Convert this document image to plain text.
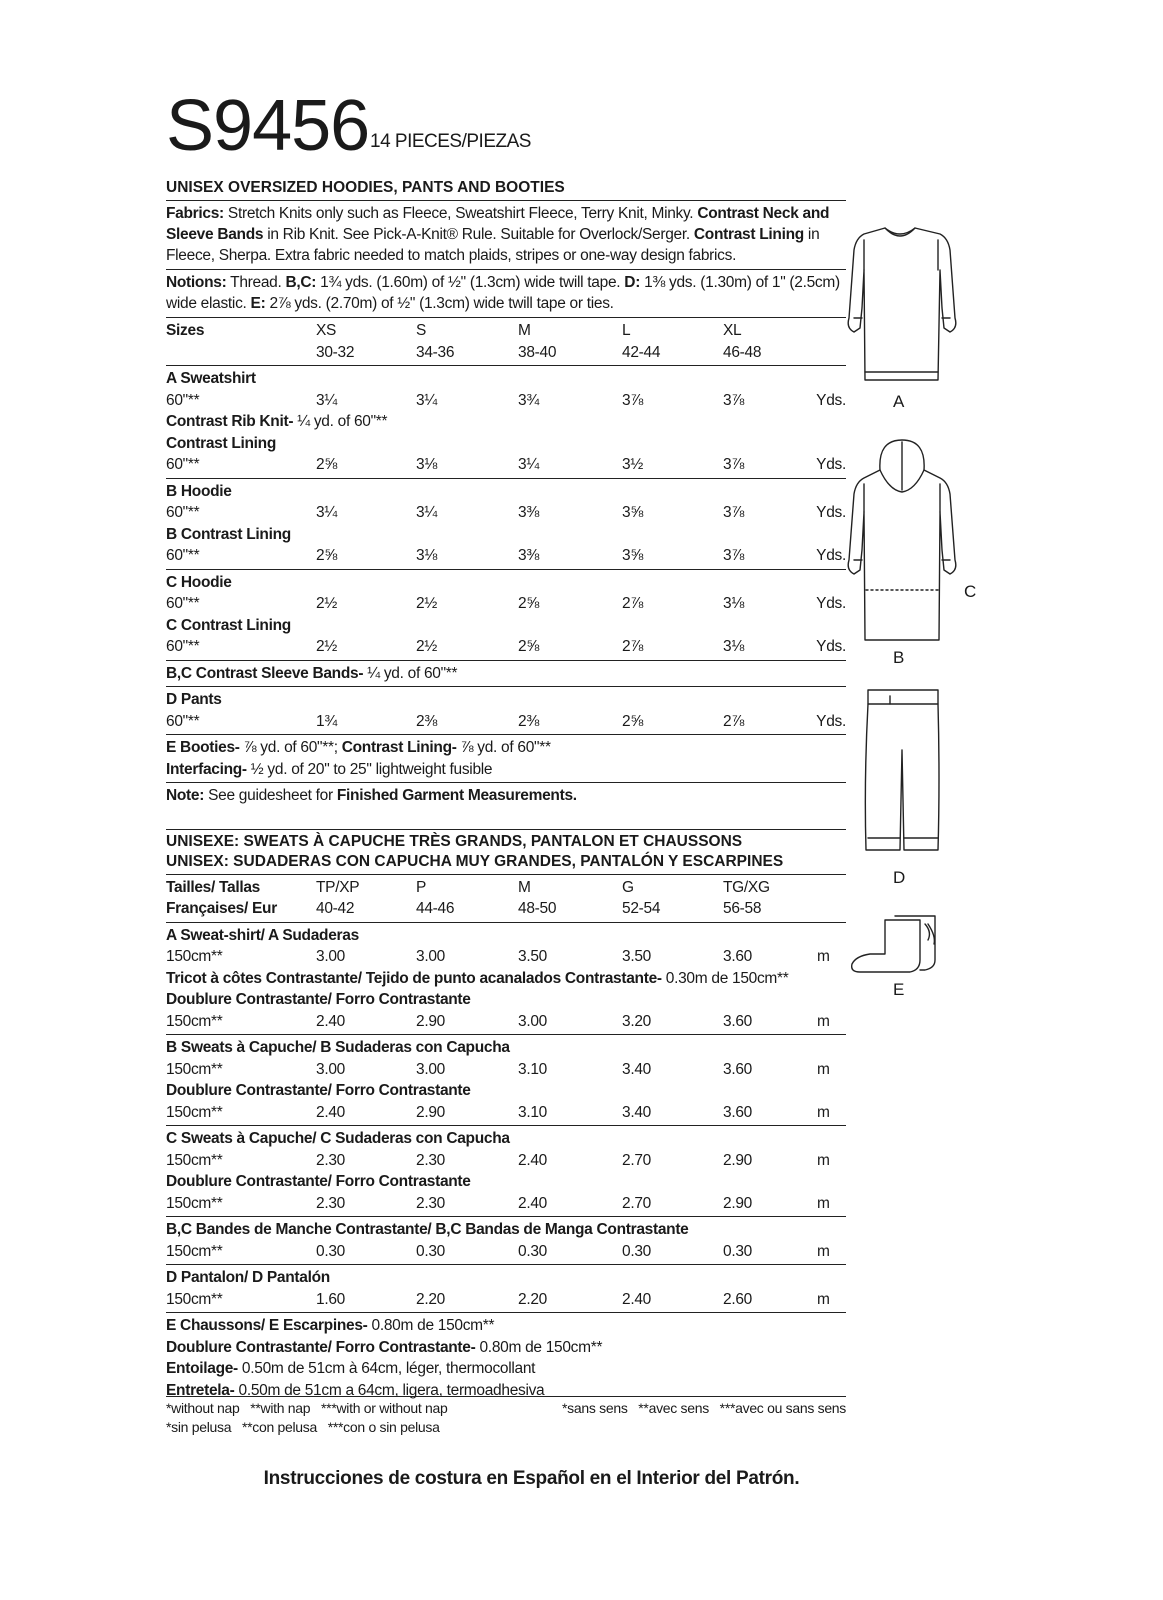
S9456 14 PIECES/PIEZAS
UNISEX OVERSIZED HOODIES, PANTS AND BOOTIES
Fabrics: Stretch Knits only such as Fleece, Sweatshirt Fleece, Terry Knit, Minky. Contrast Neck and Sleeve Bands in Rib Knit. See Pick-A-Knit® Rule. Suitable for Overlock/Serger. Contrast Lining in Fleece, Sherpa. Extra fabric needed to match plaids, stripes or one-way design fabrics.
Notions: Thread. B,C: 1¾ yds. (1.60m) of ½" (1.3cm) wide twill tape. D: 1⅜ yds. (1.30m) of 1" (2.5cm) wide elastic. E: 2⅞ yds. (2.70m) of ½" (1.3cm) wide twill tape or ties.
Sizes	XS	S	M	L	XL
30-32	34-36	38-40	42-44	46-48
A Sweatshirt
60"**	3¼	3¼	3¾	3⅞	3⅞	Yds.
Contrast Rib Knit- ¼ yd. of 60"**
Contrast Lining
60"**	2⅝	3⅛	3¼	3½	3⅞	Yds.
B Hoodie
60"**	3¼	3¼	3⅜	3⅝	3⅞	Yds.
B Contrast Lining
60"**	2⅝	3⅛	3⅜	3⅝	3⅞	Yds.
C Hoodie
60"**	2½	2½	2⅝	2⅞	3⅛	Yds.
C Contrast Lining
60"**	2½	2½	2⅝	2⅞	3⅛	Yds.
B,C Contrast Sleeve Bands- ¼ yd. of 60"**
D Pants
60"**	1¾	2⅜	2⅜	2⅝	2⅞	Yds.
E Booties- ⅞ yd. of 60"**; Contrast Lining- ⅞ yd. of 60"**
Interfacing- ½ yd. of 20" to 25" lightweight fusible
Note: See guidesheet for Finished Garment Measurements.
UNISEXE: SWEATS À CAPUCHE TRÈS GRANDS, PANTALON ET CHAUSSONS
UNISEX: SUDADERAS CON CAPUCHA MUY GRANDES, PANTALÓN Y ESCARPINES
Tailles/ Tallas	TP/XP	P	M	G	TG/XG
Françaises/ Eur	40-42	44-46	48-50	52-54	56-58
A Sweat-shirt/ A Sudaderas
150cm**	3.00	3.00	3.50	3.50	3.60	m
Tricot à côtes Contrastante/ Tejido de punto acanalados Contrastante- 0.30m de 150cm**
Doublure Contrastante/ Forro Contrastante
150cm**	2.40	2.90	3.00	3.20	3.60	m
B Sweats à Capuche/ B Sudaderas con Capucha
150cm**	3.00	3.00	3.10	3.40	3.60	m
Doublure Contrastante/ Forro Contrastante
150cm**	2.40	2.90	3.10	3.40	3.60	m
C Sweats à Capuche/ C Sudaderas con Capucha
150cm**	2.30	2.30	2.40	2.70	2.90	m
Doublure Contrastante/ Forro Contrastante
150cm**	2.30	2.30	2.40	2.70	2.90	m
B,C Bandes de Manche Contrastante/ B,C Bandas de Manga Contrastante
150cm**	0.30	0.30	0.30	0.30	0.30	m
D Pantalon/ D Pantalón
150cm**	1.60	2.20	2.20	2.40	2.60	m
E Chaussons/ E Escarpines- 0.80m de 150cm**
Doublure Contrastante/ Forro Contrastante- 0.80m de 150cm**
Entoilage- 0.50m de 51cm à 64cm, léger, thermocollant
Entretela- 0.50m de 51cm a 64cm, ligera, termoadhesiva
*without nap   **with nap   ***with or without nap	*sans sens   **avec sens   ***avec ou sans sens
*sin pelusa   **con pelusa   ***con o sin pelusa
Instrucciones de costura en Español en el Interior del Patrón.
A
C
B
D
E
